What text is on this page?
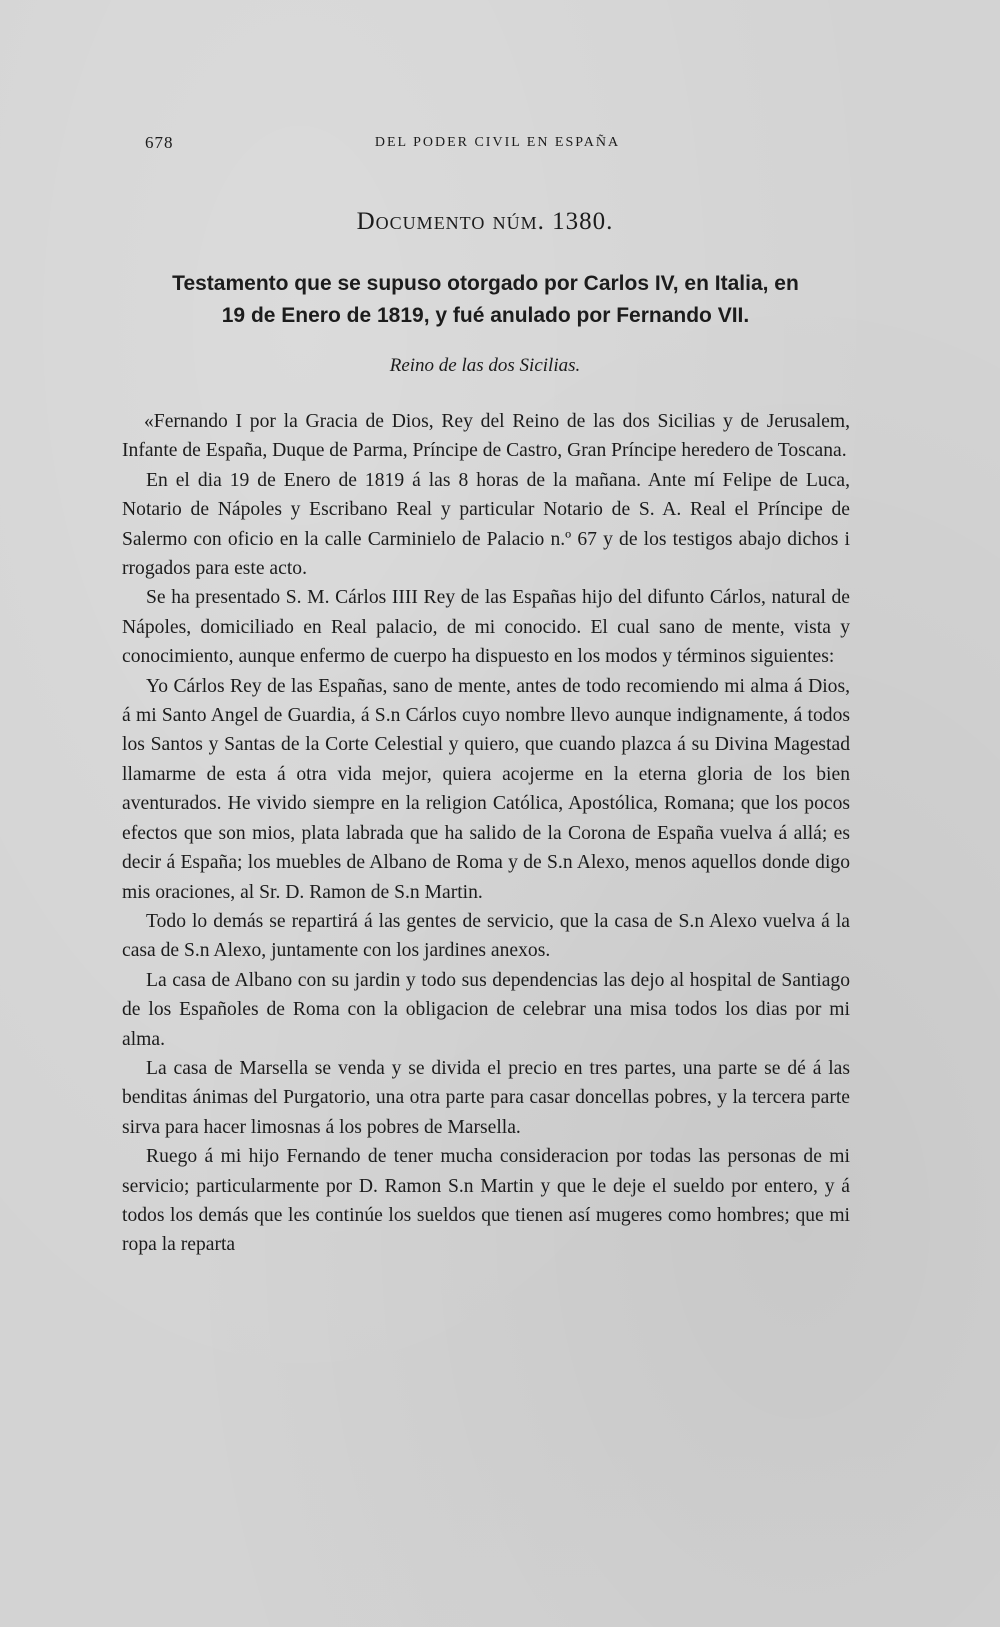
678	DEL PODER CIVIL EN ESPAÑA
Documento núm. 1380.
Testamento que se supuso otorgado por Carlos IV, en Italia, en
19 de Enero de 1819, y fué anulado por Fernando VII.
Reino de las dos Sicilias.

«Fernando I por la Gracia de Dios, Rey del Reino de las dos Sicilias y de Jerusalem, Infante de España, Duque de Parma, Príncipe de Castro, Gran Príncipe heredero de Toscana.

En el dia 19 de Enero de 1819 á las 8 horas de la mañana. Ante mí Felipe de Luca, Notario de Nápoles y Escribano Real y particular Notario de S. A. Real el Príncipe de Salermo con oficio en la calle Carminielo de Palacio n.º 67 y de los testigos abajo dichos i rrogados para este acto.

Se ha presentado S. M. Cárlos IIII Rey de las Españas hijo del difunto Cárlos, natural de Nápoles, domiciliado en Real palacio, de mi conocido. El cual sano de mente, vista y conocimiento, aunque enfermo de cuerpo ha dispuesto en los modos y términos siguientes:

Yo Cárlos Rey de las Españas, sano de mente, antes de todo recomiendo mi alma á Dios, á mi Santo Angel de Guardia, á S.n Cárlos cuyo nombre llevo aunque indignamente, á todos los Santos y Santas de la Corte Celestial y quiero, que cuando plazca á su Divina Magestad llamarme de esta á otra vida mejor, quiera acojerme en la eterna gloria de los bien aventurados. He vivido siempre en la religion Católica, Apostólica, Romana; que los pocos efectos que son mios, plata labrada que ha salido de la Corona de España vuelva á allá; es decir á España; los muebles de Albano de Roma y de S.n Alexo, menos aquellos donde digo mis oraciones, al Sr. D. Ramon de S.n Martin.

Todo lo demás se repartirá á las gentes de servicio, que la casa de S.n Alexo vuelva á la casa de S.n Alexo, juntamente con los jardines anexos.

La casa de Albano con su jardin y todo sus dependencias las dejo al hospital de Santiago de los Españoles de Roma con la obligacion de celebrar una misa todos los dias por mi alma.

La casa de Marsella se venda y se divida el precio en tres partes, una parte se dé á las benditas ánimas del Purgatorio, una otra parte para casar doncellas pobres, y la tercera parte sirva para hacer limosnas á los pobres de Marsella.

Ruego á mi hijo Fernando de tener mucha consideracion por todas las personas de mi servicio; particularmente por D. Ramon S.n Martin y que le deje el sueldo por entero, y á todos los demás que les continúe los sueldos que tienen así mugeres como hombres; que mi ropa la reparta
